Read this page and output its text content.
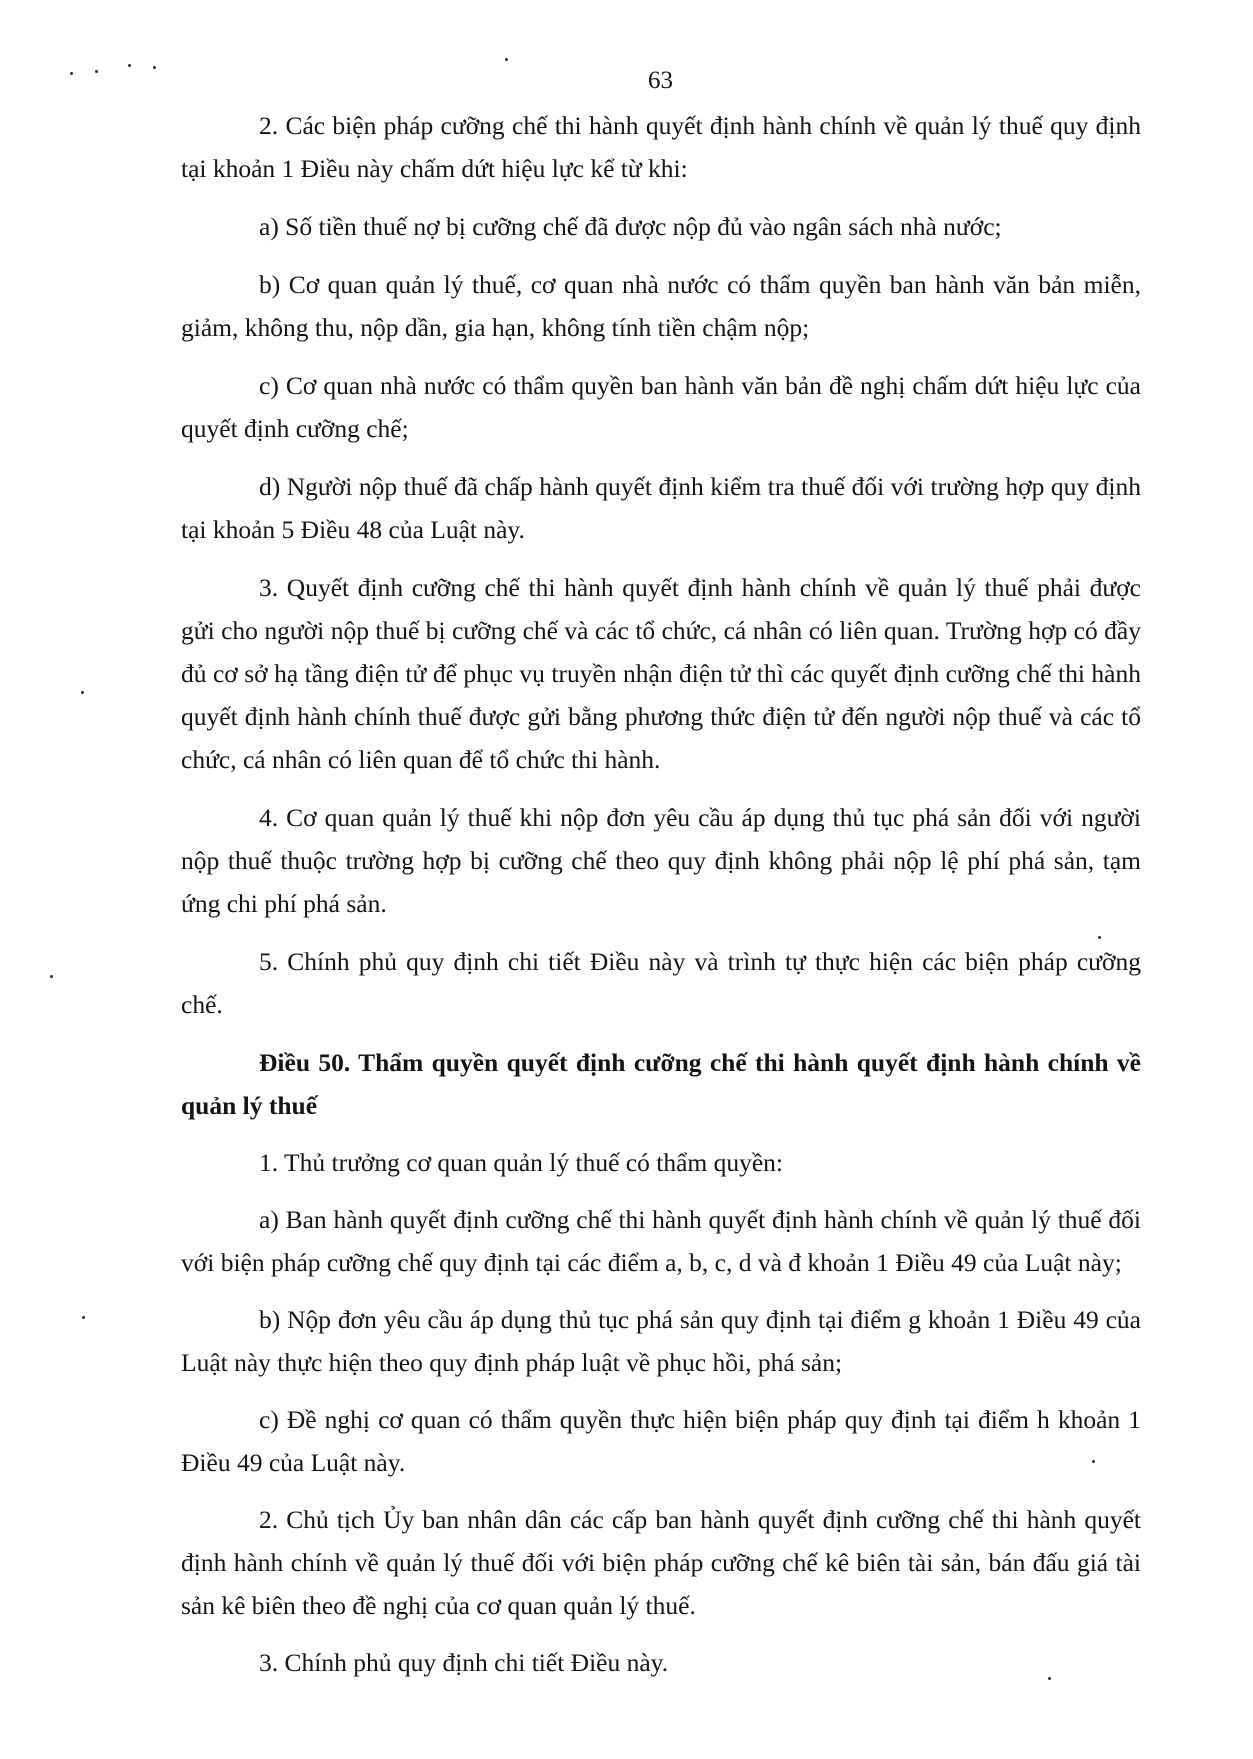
63

2. Các biện pháp cưỡng chế thi hành quyết định hành chính về quản lý thuế quy định tại khoản 1 Điều này chấm dứt hiệu lực kể từ khi:

a) Số tiền thuế nợ bị cưỡng chế đã được nộp đủ vào ngân sách nhà nước;

b) Cơ quan quản lý thuế, cơ quan nhà nước có thẩm quyền ban hành văn bản miễn, giảm, không thu, nộp dần, gia hạn, không tính tiền chậm nộp;

c) Cơ quan nhà nước có thẩm quyền ban hành văn bản đề nghị chấm dứt hiệu lực của quyết định cưỡng chế;

d) Người nộp thuế đã chấp hành quyết định kiểm tra thuế đối với trường hợp quy định tại khoản 5 Điều 48 của Luật này.

3. Quyết định cưỡng chế thi hành quyết định hành chính về quản lý thuế phải được gửi cho người nộp thuế bị cưỡng chế và các tổ chức, cá nhân có liên quan. Trường hợp có đầy đủ cơ sở hạ tầng điện tử để phục vụ truyền nhận điện tử thì các quyết định cưỡng chế thi hành quyết định hành chính thuế được gửi bằng phương thức điện tử đến người nộp thuế và các tổ chức, cá nhân có liên quan để tổ chức thi hành.

4. Cơ quan quản lý thuế khi nộp đơn yêu cầu áp dụng thủ tục phá sản đối với người nộp thuế thuộc trường hợp bị cưỡng chế theo quy định không phải nộp lệ phí phá sản, tạm ứng chi phí phá sản.

5. Chính phủ quy định chi tiết Điều này và trình tự thực hiện các biện pháp cưỡng chế.

Điều 50. Thẩm quyền quyết định cưỡng chế thi hành quyết định hành chính về quản lý thuế

1. Thủ trưởng cơ quan quản lý thuế có thẩm quyền:

a) Ban hành quyết định cưỡng chế thi hành quyết định hành chính về quản lý thuế đối với biện pháp cưỡng chế quy định tại các điểm a, b, c, d và đ khoản 1 Điều 49 của Luật này;

b) Nộp đơn yêu cầu áp dụng thủ tục phá sản quy định tại điểm g khoản 1 Điều 49 của Luật này thực hiện theo quy định pháp luật về phục hồi, phá sản;

c) Đề nghị cơ quan có thẩm quyền thực hiện biện pháp quy định tại điểm h khoản 1 Điều 49 của Luật này.

2. Chủ tịch Ủy ban nhân dân các cấp ban hành quyết định cưỡng chế thi hành quyết định hành chính về quản lý thuế đối với biện pháp cưỡng chế kê biên tài sản, bán đấu giá tài sản kê biên theo đề nghị của cơ quan quản lý thuế.

3. Chính phủ quy định chi tiết Điều này.
